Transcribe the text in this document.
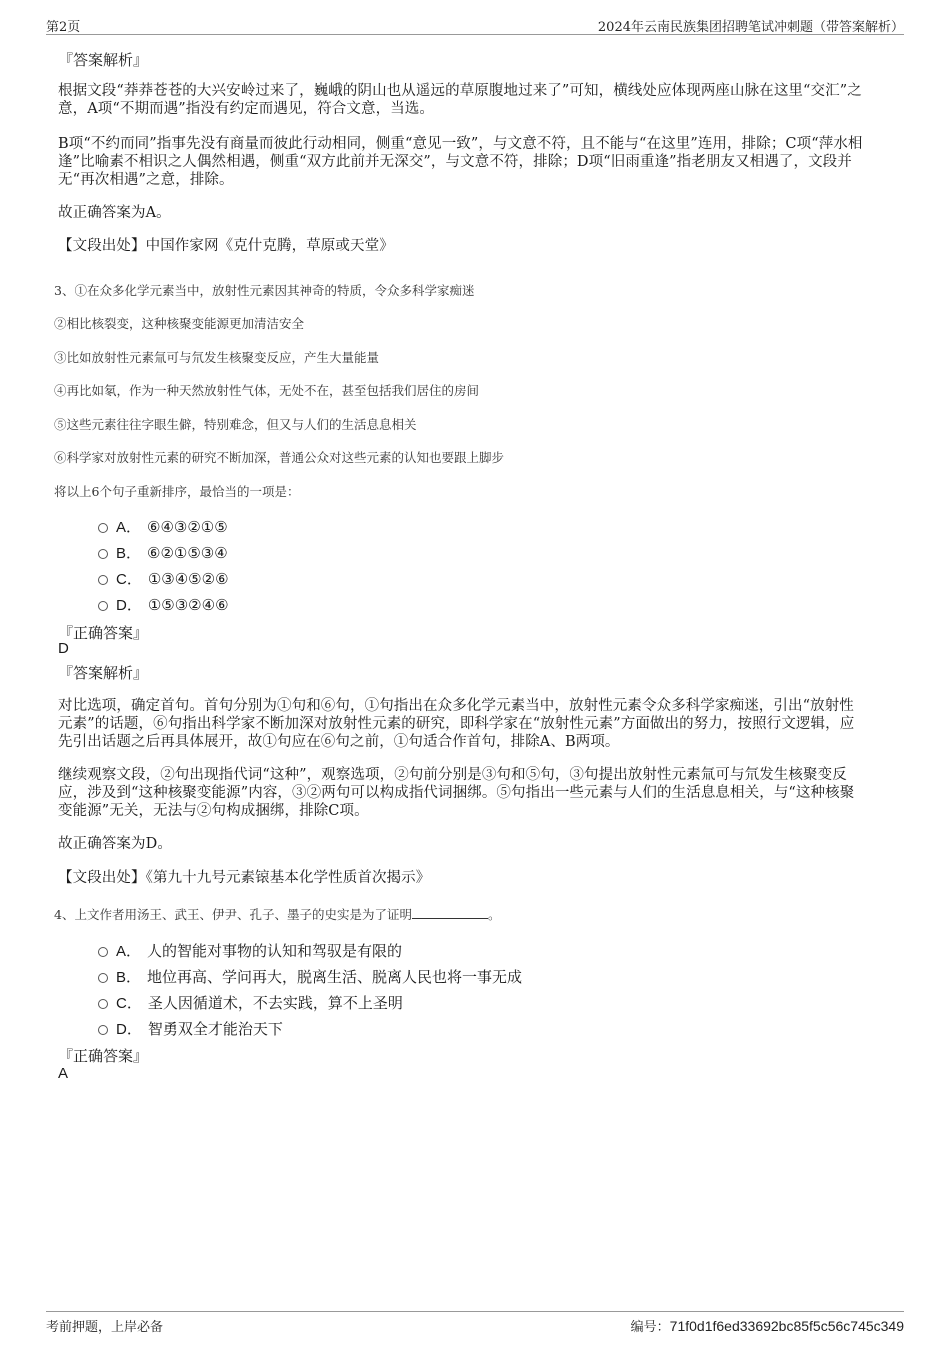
第2页	2024年云南民族集团招聘笔试冲刺题（带答案解析）
『答案解析』
根据文段“莽莽苍苍的大兴安岭过来了，巍峨的阴山也从遥远的草原腹地过来了”可知，横线处应体现两座山脉在这里“交汇”之
意，A项“不期而遇”指没有约定而遇见，符合文意，当选。
B项“不约而同”指事先没有商量而彼此行动相同，侧重“意见一致”，与文意不符，且不能与“在这里”连用，排除；C项“萍水相
逢”比喻素不相识之人偶然相遇，侧重“双方此前并无深交”，与文意不符，排除；D项“旧雨重逢”指老朋友又相遇了，文段并
无“再次相遇”之意，排除。
故正确答案为A。
【文段出处】中国作家网《克什克腾，草原或天堂》
3、①在众多化学元素当中，放射性元素因其神奇的特质，令众多科学家痴迷
②相比核裂变，这种核聚变能源更加清洁安全
③比如放射性元素氚可与氘发生核聚变反应，产生大量能量
④再比如氡，作为一种天然放射性气体，无处不在，甚至包括我们居住的房间
⑤这些元素往往字眼生僻，特别难念，但又与人们的生活息息相关
⑥科学家对放射性元素的研究不断加深，普通公众对这些元素的认知也要跟上脚步
将以上6个句子重新排序，最恰当的一项是：
A． ⑥④③②①⑤
B． ⑥②①⑤③④
C． ①③④⑤②⑥
D． ①⑤③②④⑥
『正确答案』
D
『答案解析』
对比选项，确定首句。首句分别为①句和⑥句，①句指出在众多化学元素当中，放射性元素令众多科学家痴迷，引出“放射性
元素”的话题，⑥句指出科学家不断加深对放射性元素的研究，即科学家在“放射性元素”方面做出的努力，按照行文逻辑，应
先引出话题之后再具体展开，故①句应在⑥句之前，①句适合作首句，排除A、B两项。
继续观察文段，②句出现指代词“这种”，观察选项，②句前分别是③句和⑤句，③句提出放射性元素氚可与氘发生核聚变反
应，涉及到“这种核聚变能源”内容，③②两句可以构成指代词捆绑。⑤句指出一些元素与人们的生活息息相关，与“这种核聚
变能源”无关，无法与②句构成捆绑，排除C项。
故正确答案为D。
【文段出处】《第九十九号元素锿基本化学性质首次揭示》
4、上文作者用汤王、武王、伊尹、孔子、墨子的史实是为了证明	。
A． 人的智能对事物的认知和驾驭是有限的
B． 地位再高、学问再大，脱离生活、脱离人民也将一事无成
C． 圣人因循道术，不去实践，算不上圣明
D． 智勇双全才能治天下
『正确答案』
A
考前押题，上岸必备	编号：71f0d1f6ed33692bc85f5c56c745c349
